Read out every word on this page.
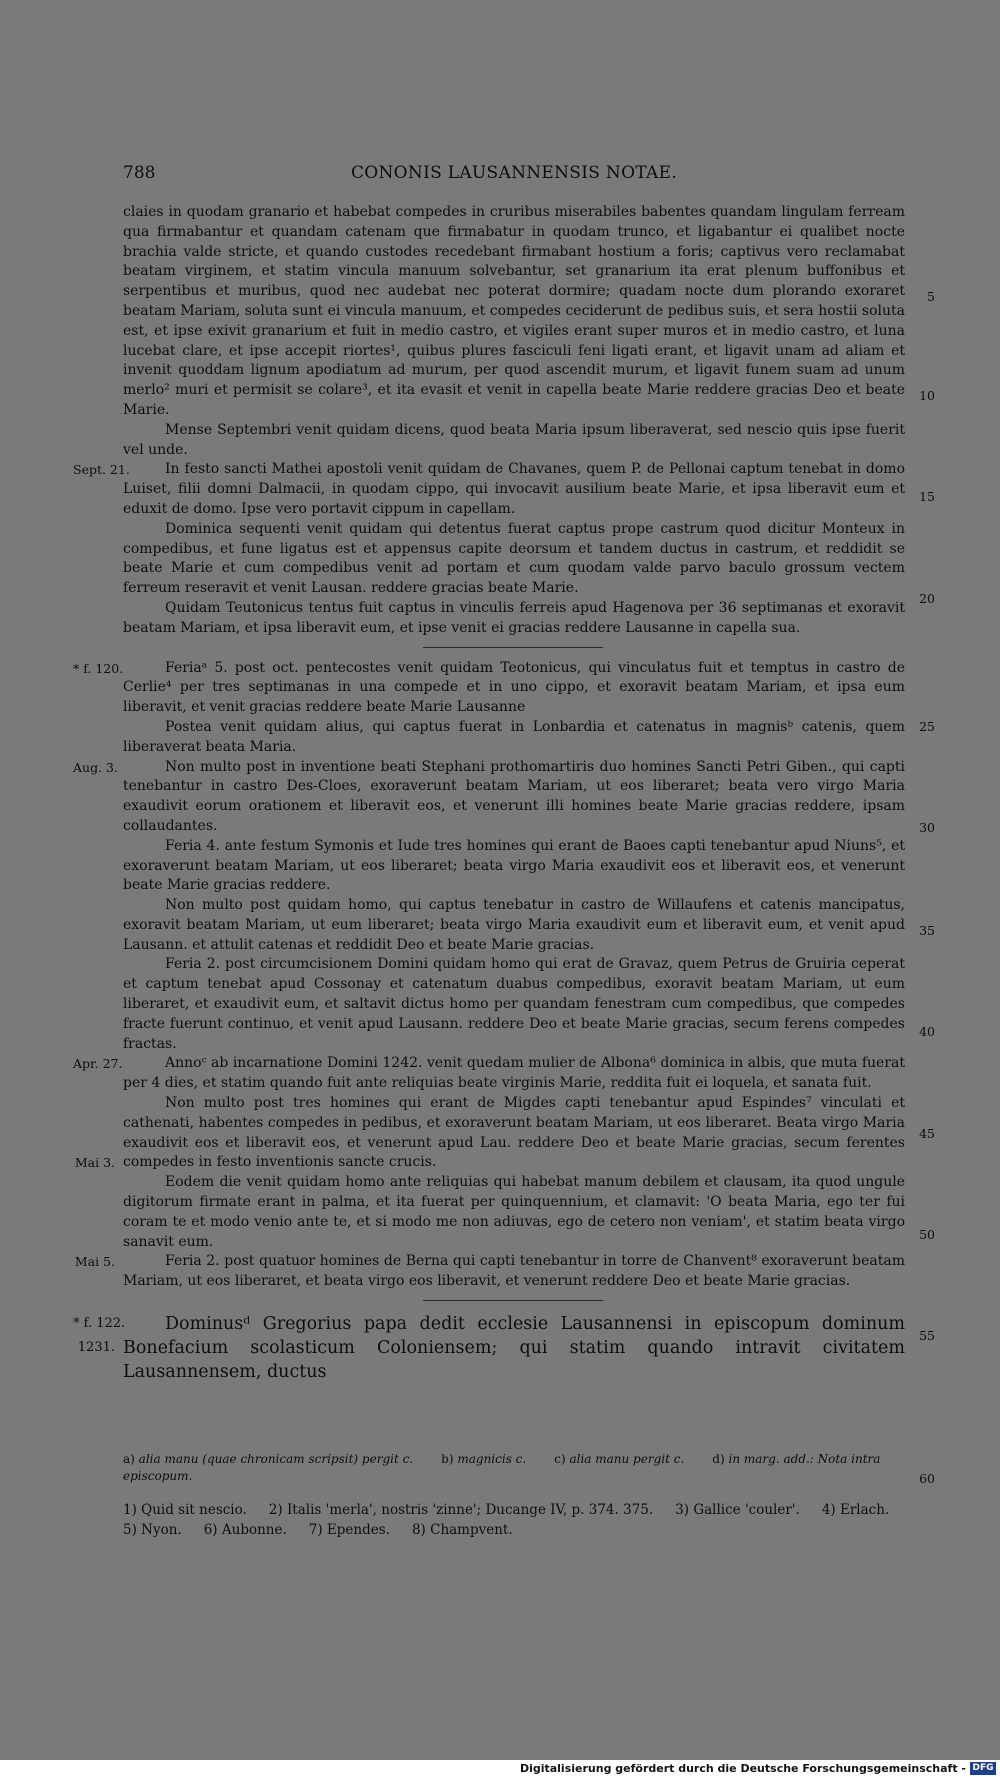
788	CONONIS LAUSANNENSIS NOTAE.

claies in quodam granario et habebat compedes in cruribus miserabiles babentes quandam lingulam ferream qua firmabantur et quandam catenam que firmabatur in quodam trunco, et ligabantur ei qualibet nocte brachia valde stricte, et quando custodes recedebant firmabant hostium a foris; captivus vero reclamabat beatam virginem, et statim vincula manuum solvebantur, set granarium ita erat plenum buffonibus et serpentibus et muribus, quod nec audebat nec poterat dormire; quadam nocte dum plorando exoraret beatam Mariam, soluta sunt ei vincula manuum, et compedes ceciderunt de pedibus suis, et sera hostii soluta est, et ipse exivit granarium et fuit in medio castro, et vigiles erant super muros et in medio castro, et luna lucebat clare, et ipse accepit riortes¹, quibus plures fasciculi feni ligati erant, et ligavit unam ad aliam et invenit quoddam lignum apodiatum ad murum, per quod ascendit murum, et ligavit funem suam ad unum merlo² muri et permisit se colare³, et ita evasit et venit in capella beate Marie reddere gracias Deo et beate Marie.

Mense Septembri venit quidam dicens, quod beata Maria ipsum liberaverat, sed nescio quis ipse fuerit vel unde.

In festo sancti Mathei apostoli venit quidam de Chavanes, quem P. de Pellonai captum tenebat in domo Luiset, filii domni Dalmacii, in quodam cippo, qui invocavit ausilium beate Marie, et ipsa liberavit eum et eduxit de domo. Ipse vero portavit cippum in capellam.
Sept. 21.

Dominica sequenti venit quidam qui detentus fuerat captus prope castrum quod dicitur Monteux in compedibus, et fune ligatus est et appensus capite deorsum et tandem ductus in castrum, et reddidit se beate Marie et cum compedibus venit ad portam et cum quodam valde parvo baculo grossum vectem ferreum reseravit et venit Lausan. reddere gracias beate Marie.

Quidam Teutonicus tentus fuit captus in vinculis ferreis apud Hagenova per 36 septimanas et exoravit beatam Mariam, et ipsa liberavit eum, et ipse venit ei gracias reddere Lausanne in capella sua.

Feriaᵃ 5. post oct. pentecostes venit quidam Teotonicus, qui vinculatus fuit et temptus in castro de Cerlie⁴ per tres septimanas in una compede et in uno cippo, et exoravit beatam Mariam, et ipsa eum liberavit, et venit gracias reddere beate Marie Lausanne
* f. 120.

Postea venit quidam alius, qui captus fuerat in Lonbardia et catenatus in magnisᵇ catenis, quem liberaverat beata Maria.

Non multo post in inventione beati Stephani prothomartiris duo homines Sancti Petri Giben., qui capti tenebantur in castro Des-Cloes, exoraverunt beatam Mariam, ut eos liberaret; beata vero virgo Maria exaudivit eorum orationem et liberavit eos, et venerunt illi homines beate Marie gracias reddere, ipsam collaudantes.
Aug. 3.

Feria 4. ante festum Symonis et Iude tres homines qui erant de Baoes capti tenebantur apud Niuns⁵, et exoraverunt beatam Mariam, ut eos liberaret; beata virgo Maria exaudivit eos et liberavit eos, et venerunt beate Marie gracias reddere.

Non multo post quidam homo, qui captus tenebatur in castro de Willaufens et catenis mancipatus, exoravit beatam Mariam, ut eum liberaret; beata virgo Maria exaudivit eum et liberavit eum, et venit apud Lausann. et attulit catenas et reddidit Deo et beate Marie gracias.

Feria 2. post circumcisionem Domini quidam homo qui erat de Gravaz, quem Petrus de Gruiria ceperat et captum tenebat apud Cossonay et catenatum duabus compedibus, exoravit beatam Mariam, ut eum liberaret, et exaudivit eum, et saltavit dictus homo per quandam fenestram cum compedibus, que compedes fracte fuerunt continuo, et venit apud Lausann. reddere Deo et beate Marie gracias, secum ferens compedes fractas.

Annoᶜ ab incarnatione Domini 1242. venit quedam mulier de Albona⁶ dominica in albis, que muta fuerat per 4 dies, et statim quando fuit ante reliquias beate virginis Marie, reddita fuit ei loquela, et sanata fuit.
Apr. 27.

Non multo post tres homines qui erant de Migdes capti tenebantur apud Espindes⁷ vinculati et cathenati, habentes compedes in pedibus, et exoraverunt beatam Mariam, ut eos liberaret. Beata virgo Maria exaudivit eos et liberavit eos, et venerunt apud Lau. reddere Deo et beate Marie gracias, secum ferentes compedes in festo inventionis sancte crucis.
Mai 3.

Eodem die venit quidam homo ante reliquias qui habebat manum debilem et clausam, ita quod ungule digitorum firmate erant in palma, et ita fuerat per quinquennium, et clamavit: 'O beata Maria, ego ter fui coram te et modo venio ante te, et si modo me non adiuvas, ego de cetero non veniam', et statim beata virgo sanavit eum.

Feria 2. post quatuor homines de Berna qui capti tenebantur in torre de Chanvent⁸ exoraverunt beatam Mariam, ut eos liberaret, et beata virgo eos liberavit, et venerunt reddere Deo et beate Marie gracias.
Mai 5.

Dominusᵈ Gregorius papa dedit ecclesie Lausannensi in episcopum dominum Bonefacium scolasticum Coloniensem; qui statim quando intravit civitatem Lausannensem, ductus
* f. 122.
1231.

5
10
15
20
25
30
35
40
45
50
55
60
a) alia manu (quae chronicam scripsit) pergit c. b) magnicis c. c) alia manu pergit c. d) in marg. add.: Nota intra episcopum.
1) Quid sit nescio. 2) Italis 'merla', nostris 'zinne'; Ducange IV, p. 374. 375. 3) Gallice 'couler'. 4) Erlach.
5) Nyon. 6) Aubonne. 7) Ependes. 8) Champvent.
Digitalisierung gefördert durch die Deutsche Forschungsgemeinschaft - DFG
